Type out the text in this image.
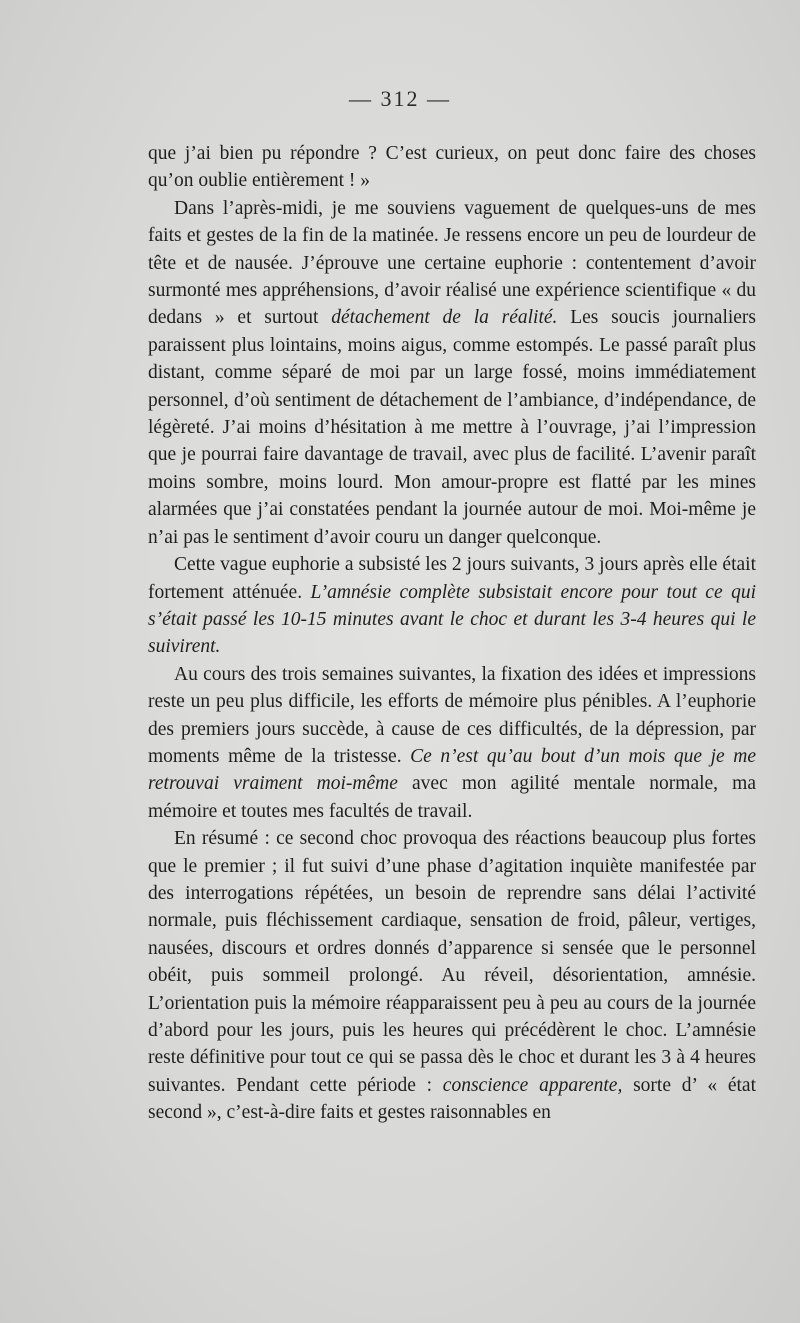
— 312 —

que j’ai bien pu répondre ? C’est curieux, on peut donc faire des choses qu’on oublie entièrement ! »

Dans l’après-midi, je me souviens vaguement de quelques-uns de mes faits et gestes de la fin de la matinée. Je ressens encore un peu de lourdeur de tête et de nausée. J’éprouve une certaine euphorie : contentement d’avoir surmonté mes appréhensions, d’avoir réalisé une expérience scientifique « du dedans » et surtout détachement de la réalité. Les soucis journaliers paraissent plus lointains, moins aigus, comme estompés. Le passé paraît plus distant, comme séparé de moi par un large fossé, moins immédiatement personnel, d’où sentiment de détachement de l’ambiance, d’indépendance, de légèreté. J’ai moins d’hésitation à me mettre à l’ouvrage, j’ai l’impression que je pourrai faire davantage de travail, avec plus de facilité. L’avenir paraît moins sombre, moins lourd. Mon amour-propre est flatté par les mines alarmées que j’ai constatées pendant la journée autour de moi. Moi-même je n’ai pas le sentiment d’avoir couru un danger quelconque.

Cette vague euphorie a subsisté les 2 jours suivants, 3 jours après elle était fortement atténuée. L’amnésie complète subsistait encore pour tout ce qui s’était passé les 10-15 minutes avant le choc et durant les 3-4 heures qui le suivirent.

Au cours des trois semaines suivantes, la fixation des idées et impressions reste un peu plus difficile, les efforts de mémoire plus pénibles. A l’euphorie des premiers jours succède, à cause de ces difficultés, de la dépression, par moments même de la tristesse. Ce n’est qu’au bout d’un mois que je me retrouvai vraiment moi-même avec mon agilité mentale normale, ma mémoire et toutes mes facultés de travail.

En résumé : ce second choc provoqua des réactions beaucoup plus fortes que le premier ; il fut suivi d’une phase d’agitation inquiète manifestée par des interrogations répétées, un besoin de reprendre sans délai l’activité normale, puis fléchissement cardiaque, sensation de froid, pâleur, vertiges, nausées, discours et ordres donnés d’apparence si sensée que le personnel obéit, puis sommeil prolongé. Au réveil, désorientation, amnésie. L’orientation puis la mémoire réapparaissent peu à peu au cours de la journée d’abord pour les jours, puis les heures qui précédèrent le choc. L’amnésie reste définitive pour tout ce qui se passa dès le choc et durant les 3 à 4 heures suivantes. Pendant cette période : conscience apparente, sorte d’ « état second », c’est-à-dire faits et gestes raisonnables en
